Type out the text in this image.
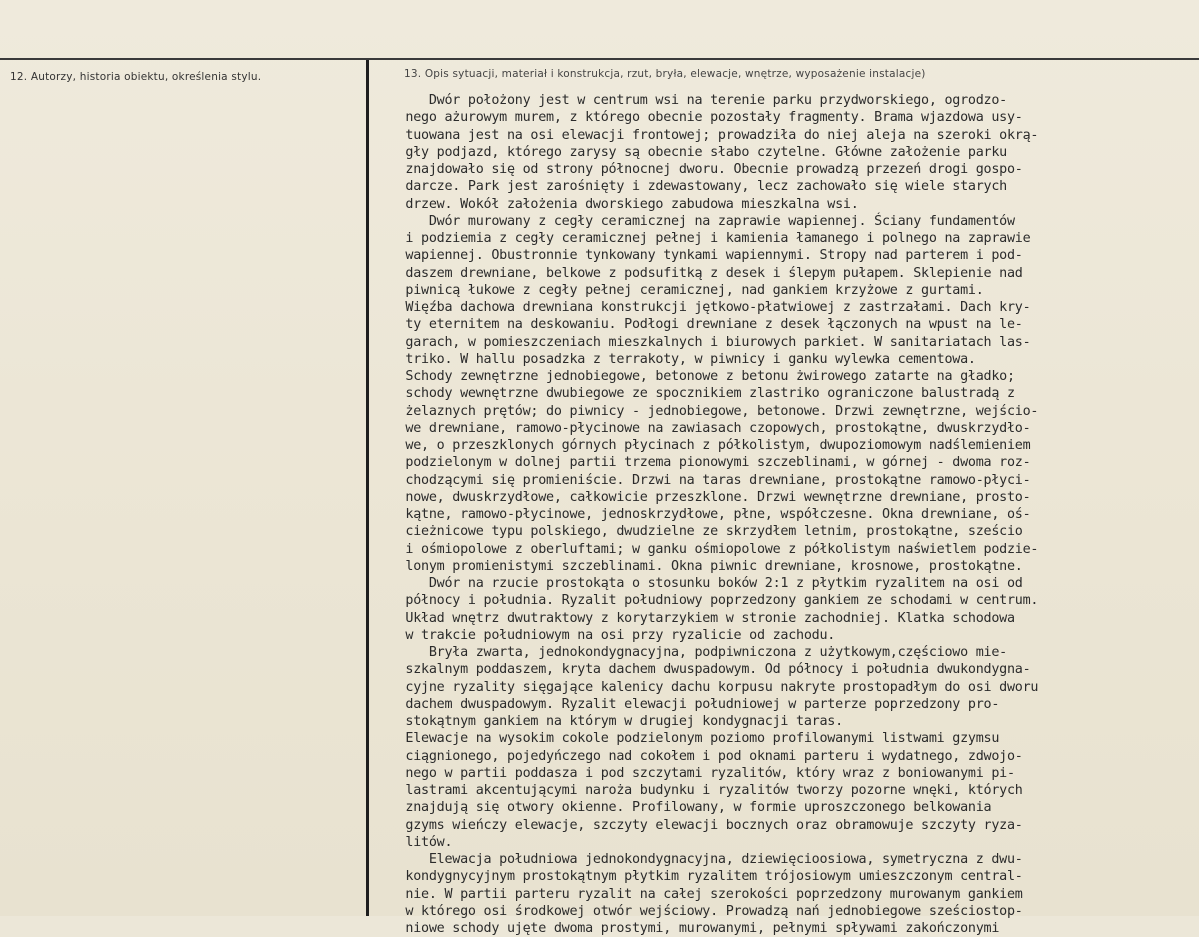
12. Autorzy, historia obiektu, określenia stylu.	13. Opis sytuacji, materiał i konstrukcja, rzut, bryła, elewacje, wnętrze, wyposażenie instalacje)
Dwór położony jest w centrum wsi na terenie parku przydworskiego, ogrodzo-
nego ażurowym murem, z którego obecnie pozostały fragmenty. Brama wjazdowa usy-
tuowana jest na osi elewacji frontowej; prowadziła do niej aleja na szeroki okrą-
gły podjazd, którego zarysy są obecnie słabo czytelne. Główne założenie parku
znajdowało się od strony północnej dworu. Obecnie prowadzą przezeń drogi gospo-
darcze. Park jest zarośnięty i zdewastowany, lecz zachowało się wiele starych
drzew. Wokół założenia dworskiego zabudowa mieszkalna wsi.
Dwór murowany z cegły ceramicznej na zaprawie wapiennej. Ściany fundamentów
i podziemia z cegły ceramicznej pełnej i kamienia łamanego i polnego na zaprawie
wapiennej. Obustronnie tynkowany tynkami wapiennymi. Stropy nad parterem i pod-
daszem drewniane, belkowe z podsufitką z desek i ślepym pułapem. Sklepienie nad
piwnicą łukowe z cegły pełnej ceramicznej, nad gankiem krzyżowe z gurtami.
Więźba dachowa drewniana konstrukcji jętkowo-płatwiowej z zastrzałami. Dach kry-
ty eternitem na deskowaniu. Podłogi drewniane z desek łączonych na wpust na le-
garach, w pomieszczeniach mieszkalnych i biurowych parkiet. W sanitariatach las-
triko. W hallu posadzka z terrakoty, w piwnicy i ganku wylewka cementowa.
Schody zewnętrzne jednobiegowe, betonowe z betonu żwirowego zatarte na gładko;
schody wewnętrzne dwubiegowe ze spocznikiem zlastriko ograniczone balustradą z
żelaznych prętów; do piwnicy - jednobiegowe, betonowe. Drzwi zewnętrzne, wejścio-
we drewniane, ramowo-płycinowe na zawiasach czopowych, prostokątne, dwuskrzydło-
we, o przeszklonych górnych płycinach z półkolistym, dwupoziomowym nadślemieniem
podzielonym w dolnej partii trzema pionowymi szczeblinami, w górnej - dwoma roz-
chodzącymi się promieniście. Drzwi na taras drewniane, prostokątne ramowo-płyci-
nowe, dwuskrzydłowe, całkowicie przeszklone. Drzwi wewnętrzne drewniane, prosto-
kątne, ramowo-płycinowe, jednoskrzydłowe, płne, współczesne. Okna drewniane, oś-
cieżnicowe typu polskiego, dwudzielne ze skrzydłem letnim, prostokątne, sześcio
i ośmiopolowe z oberluftami; w ganku ośmiopolowe z półkolistym naświetlem podzie-
lonym promienistymi szczeblinami. Okna piwnic drewniane, krosnowe, prostokątne.
Dwór na rzucie prostokąta o stosunku boków 2:1 z płytkim ryzalitem na osi od
północy i południa. Ryzalit południowy poprzedzony gankiem ze schodami w centrum.
Układ wnętrz dwutraktowy z korytarzykiem w stronie zachodniej. Klatka schodowa
w trakcie południowym na osi przy ryzalicie od zachodu.
Bryła zwarta, jednokondygnacyjna, podpiwniczona z użytkowym,częściowo mie-
szkalnym poddaszem, kryta dachem dwuspadowym. Od północy i południa dwukondygna-
cyjne ryzality sięgające kalenicy dachu korpusu nakryte prostopadłym do osi dworu
dachem dwuspadowym. Ryzalit elewacji południowej w parterze poprzedzony pro-
stokątnym gankiem na którym w drugiej kondygnacji taras.
Elewacje na wysokim cokole podzielonym poziomo profilowanymi listwami gzymsu
ciągnionego, pojedyńczego nad cokołem i pod oknami parteru i wydatnego, zdwojo-
nego w partii poddasza i pod szczytami ryzalitów, który wraz z boniowanymi pi-
lastrami akcentującymi naroża budynku i ryzalitów tworzy pozorne wnęki, których
znajdują się otwory okienne. Profilowany, w formie uproszczonego belkowania
gzyms wieńczy elewacje, szczyty elewacji bocznych oraz obramowuje szczyty ryza-
litów.
Elewacja południowa jednokondygnacyjna, dziewięcioosiowa, symetryczna z dwu-
kondygnycyjnym prostokątnym płytkim ryzalitem trójosiowym umieszczonym central-
nie. W partii parteru ryzalit na całej szerokości poprzedzony murowanym gankiem
w którego osi środkowej otwór wejściowy. Prowadzą nań jednobiegowe sześciostop-
niowe schody ujęte dwoma prostymi, murowanymi, pełnymi spływami zakończonymi
